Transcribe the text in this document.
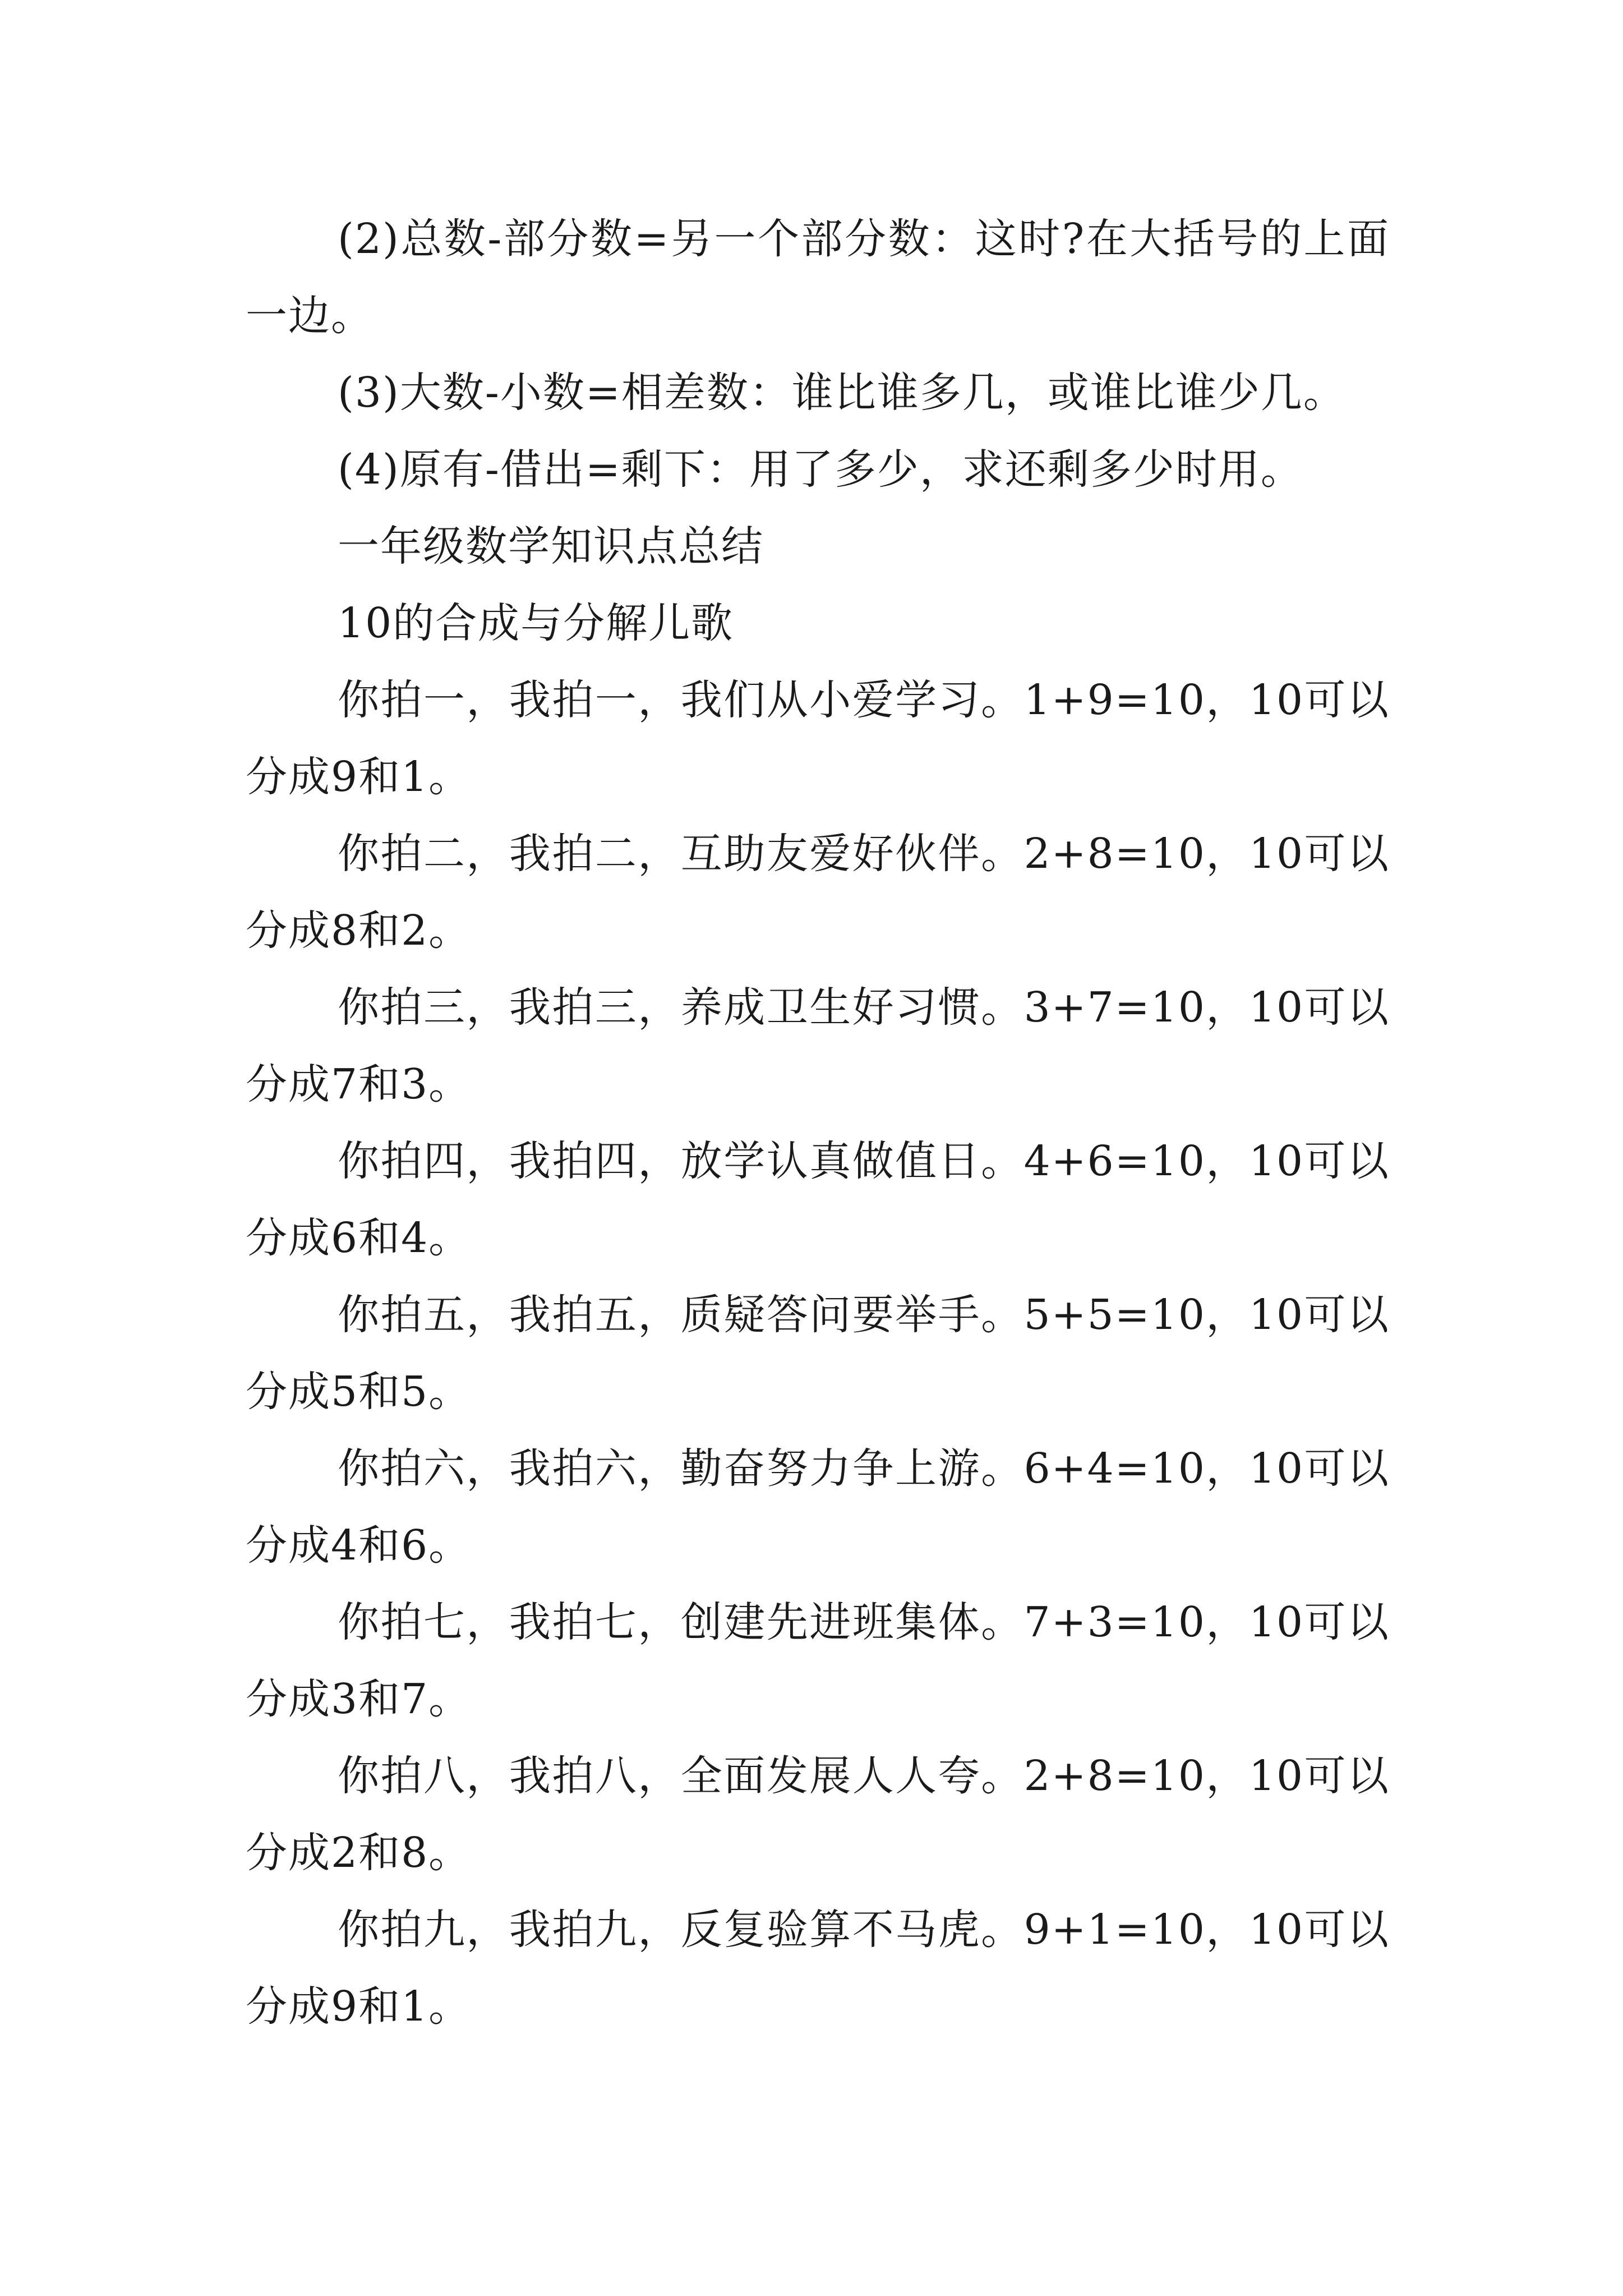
(2)总数-部分数=另一个部分数：这时?在大括号的上面一边。

(3)大数-小数=相差数：谁比谁多几，或谁比谁少几。

(4)原有-借出=剩下：用了多少，求还剩多少时用。

一年级数学知识点总结

10的合成与分解儿歌

你拍一，我拍一，我们从小爱学习。1+9=10，10可以分成9和1。

你拍二，我拍二，互助友爱好伙伴。2+8=10，10可以分成8和2。

你拍三，我拍三，养成卫生好习惯。3+7=10，10可以分成7和3。

你拍四，我拍四，放学认真做值日。4+6=10，10可以分成6和4。

你拍五，我拍五，质疑答问要举手。5+5=10，10可以分成5和5。

你拍六，我拍六，勤奋努力争上游。6+4=10，10可以分成4和6。

你拍七，我拍七，创建先进班集体。7+3=10，10可以分成3和7。

你拍八，我拍八，全面发展人人夸。2+8=10，10可以分成2和8。

你拍九，我拍九，反复验算不马虎。9+1=10，10可以分成9和1。
